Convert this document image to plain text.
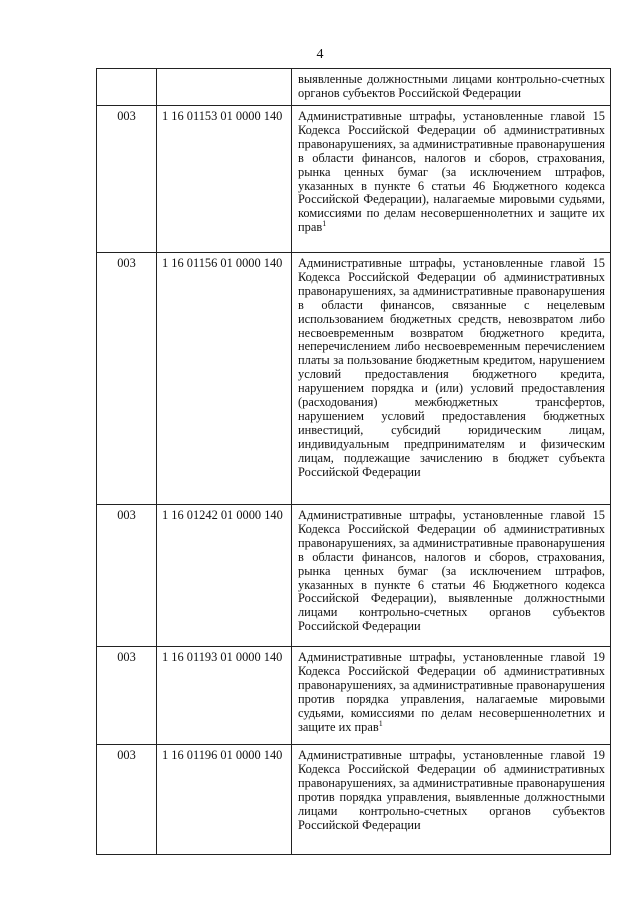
4

		выявленные должностными лицами контрольно-счетных органов субъектов Российской Федерации

003	1 16 01153 01 0000 140	Административные штрафы, установленные главой 15 Кодекса Российской Федерации об административных правонарушениях, за административные правонарушения в области финансов, налогов и сборов, страхования, рынка ценных бумаг (за исключением штрафов, указанных в пункте 6 статьи 46 Бюджетного кодекса Российской Федерации), налагаемые мировыми судьями, комиссиями по делам несовершеннолетних и защите их прав$^1$

003	1 16 01156 01 0000 140	Административные штрафы, установленные главой 15 Кодекса Российской Федерации об административных правонарушениях, за административные правонарушения в области финансов, связанные с нецелевым использованием бюджетных средств, невозвратом либо несвоевременным возвратом бюджетного кредита, неперечислением либо несвоевременным перечислением платы за пользование бюджетным кредитом, нарушением условий предоставления бюджетного кредита, нарушением порядка и (или) условий предоставления (расходования) межбюджетных трансфертов, нарушением условий предоставления бюджетных инвестиций, субсидий юридическим лицам, индивидуальным предпринимателям и физическим лицам, подлежащие зачислению в бюджет субъекта Российской Федерации

003	1 16 01242 01 0000 140	Административные штрафы, установленные главой 15 Кодекса Российской Федерации об административных правонарушениях, за административные правонарушения в области финансов, налогов и сборов, страхования, рынка ценных бумаг (за исключением штрафов, указанных в пункте 6 статьи 46 Бюджетного кодекса Российской Федерации), выявленные должностными лицами контрольно-счетных органов субъектов Российской Федерации

003	1 16 01193 01 0000 140	Административные штрафы, установленные главой 19 Кодекса Российской Федерации об административных правонарушениях, за административные правонарушения против порядка управления, налагаемые мировыми судьями, комиссиями по делам несовершеннолетних и защите их прав$^1$

003	1 16 01196 01 0000 140	Административные штрафы, установленные главой 19 Кодекса Российской Федерации об административных правонарушениях, за административные правонарушения против порядка управления, выявленные должностными лицами контрольно-счетных органов субъектов Российской Федерации
